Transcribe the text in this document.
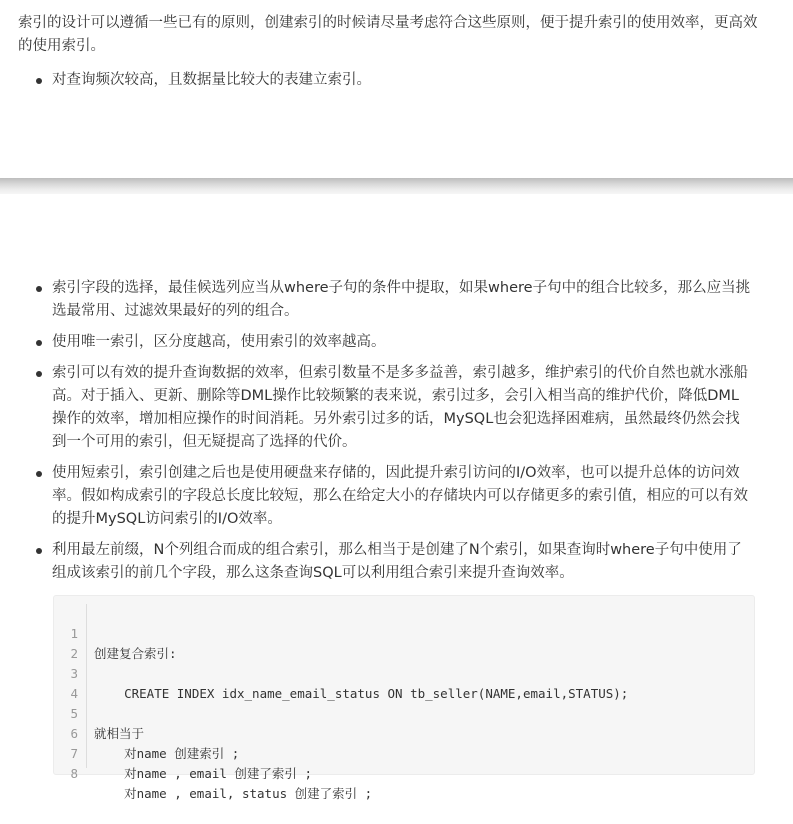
索引的设计可以遵循一些已有的原则，创建索引的时候请尽量考虑符合这些原则，便于提升索引的使用效率，更高效的使用索引。

对查询频次较高，且数据量比较大的表建立索引。
索引字段的选择，最佳候选列应当从where子句的条件中提取，如果where子句中的组合比较多，那么应当挑选最常用、过滤效果最好的列的组合。
使用唯一索引，区分度越高，使用索引的效率越高。
索引可以有效的提升查询数据的效率，但索引数量不是多多益善，索引越多，维护索引的代价自然也就水涨船高。对于插入、更新、删除等DML操作比较频繁的表来说，索引过多，会引入相当高的维护代价，降低DML操作的效率，增加相应操作的时间消耗。另外索引过多的话，MySQL也会犯选择困难病，虽然最终仍然会找到一个可用的索引，但无疑提高了选择的代价。
使用短索引，索引创建之后也是使用硬盘来存储的，因此提升索引访问的I/O效率，也可以提升总体的访问效率。假如构成索引的字段总长度比较短，那么在给定大小的存储块内可以存储更多的索引值，相应的可以有效的提升MySQL访问索引的I/O效率。
利用最左前缀，N个列组合而成的组合索引，那么相当于是创建了N个索引，如果查询时where子句中使用了组成该索引的前几个字段，那么这条查询SQL可以利用组合索引来提升查询效率。

1

创建复合索引:

2

3

CREATE INDEX idx_name_email_status ON tb_seller(NAME,email,STATUS);

4

5

就相当于

6

对name 创建索引 ;

7

对name , email 创建了索引 ;

8

对name , email, status 创建了索引 ;
